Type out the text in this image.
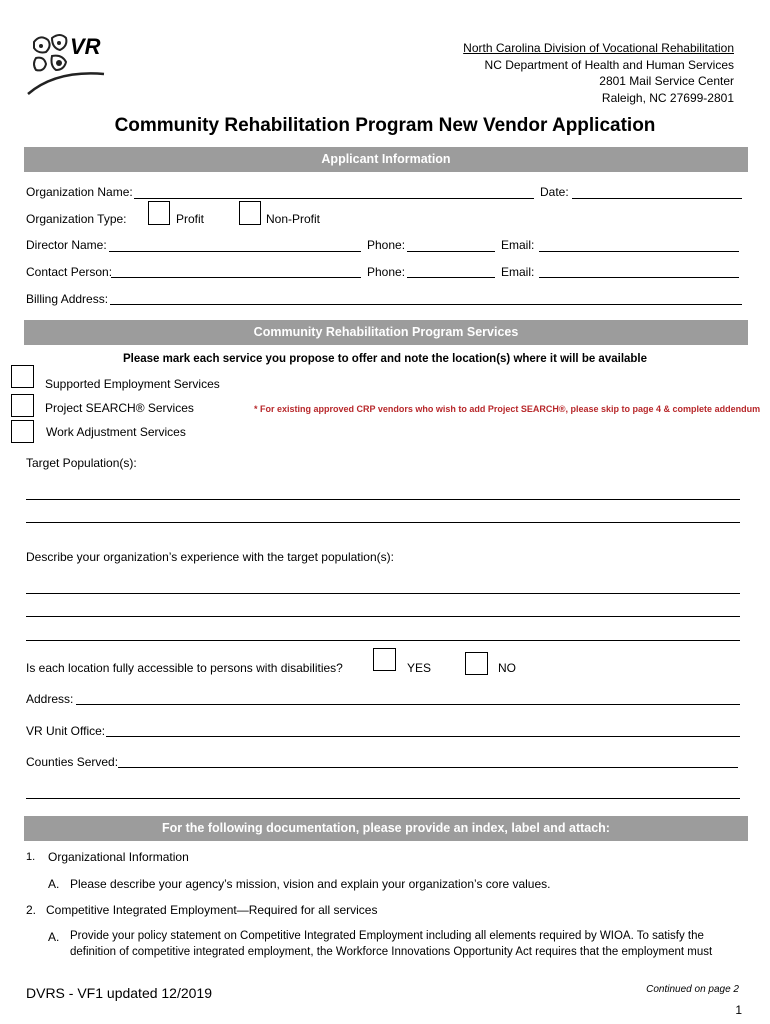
VR	North Carolina Division of Vocational Rehabilitation
NC Department of Health and Human Services
2801 Mail Service Center
Raleigh, NC 27699-2801
Community Rehabilitation Program New Vendor Application
Applicant Information
Organization Name:	Date:
Organization Type:	Profit	Non-Profit
Director Name:	Phone:	Email:
Contact Person:	Phone:	Email:
Billing Address:
Community Rehabilitation Program Services
Please mark each service you propose to offer and note the location(s) where it will be available
Supported Employment Services
Project SEARCH® Services	* For existing approved CRP vendors who wish to add Project SEARCH®, please skip to page 4 & complete addendum
Work Adjustment Services
Target Population(s):
Describe your organization’s experience with the target population(s):
Is each location fully accessible to persons with disabilities?	YES	NO
Address:
VR Unit Office:
Counties Served:
For the following documentation, please provide an index, label and attach:
1. Organizational Information
A. Please describe your agency’s mission, vision and explain your organization’s core values.
2. Competitive Integrated Employment—Required for all services
A. Provide your policy statement on Competitive Integrated Employment including all elements required by WIOA. To satisfy the
definition of competitive integrated employment, the Workforce Innovations Opportunity Act requires that the employment must
DVRS - VF1 updated 12/2019	Continued on page 2
1
